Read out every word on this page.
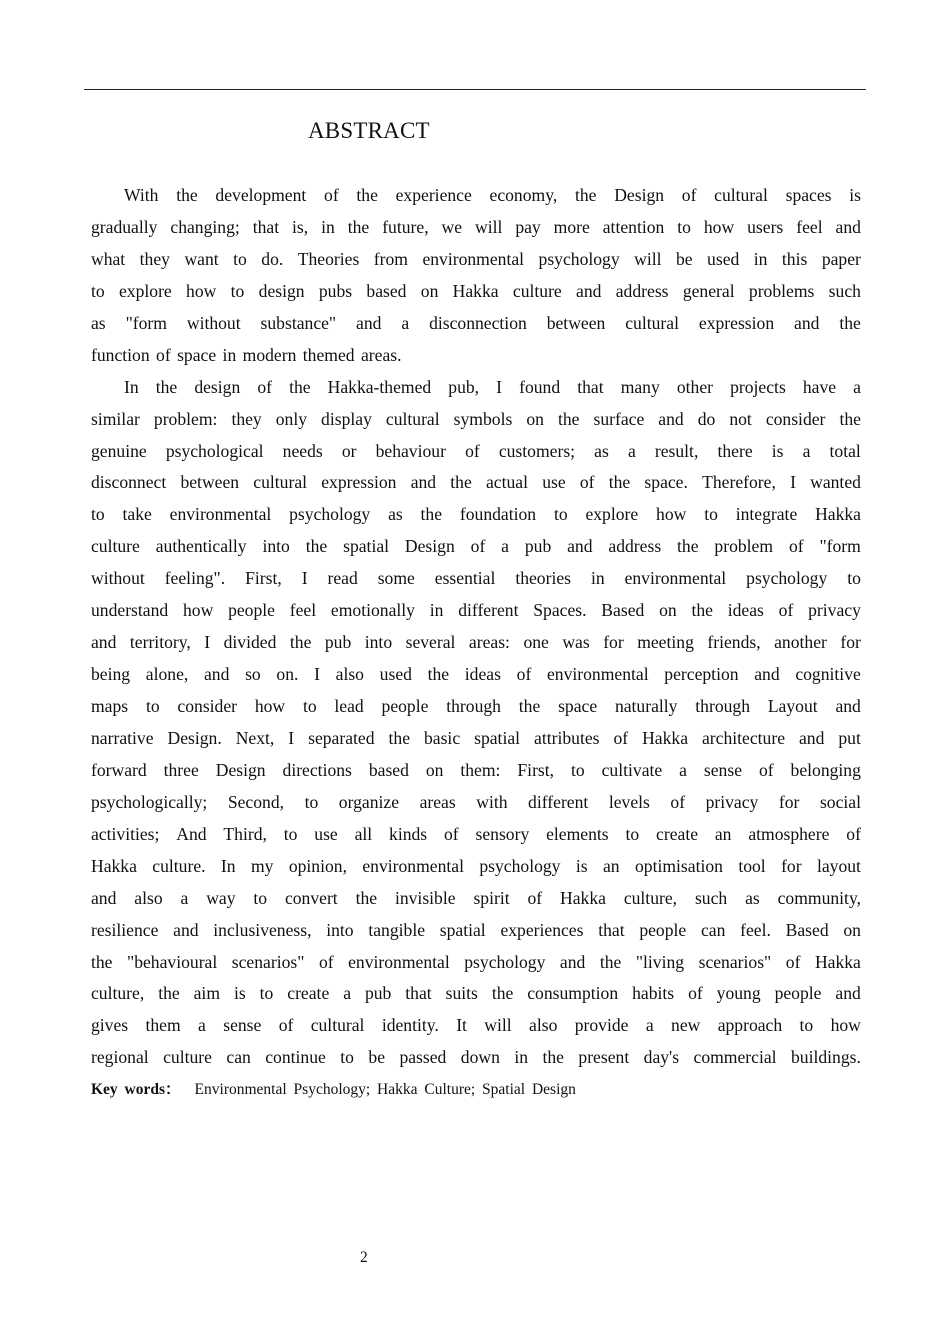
ABSTRACT
With the development of the experience economy, the Design of cultural spaces is
gradually changing; that is, in the future, we will pay more attention to how users feel and
what they want to do. Theories from environmental psychology will be used in this paper
to explore how to design pubs based on Hakka culture and address general problems such
as "form without substance" and a disconnection between cultural expression and the
function of space in modern themed areas.
In the design of the Hakka-themed pub, I found that many other projects have a
similar problem: they only display cultural symbols on the surface and do not consider the
genuine psychological needs or behaviour of customers; as a result, there is a total
disconnect between cultural expression and the actual use of the space. Therefore, I wanted
to take environmental psychology as the foundation to explore how to integrate Hakka
culture authentically into the spatial Design of a pub and address the problem of "form
without feeling". First, I read some essential theories in environmental psychology to
understand how people feel emotionally in different Spaces. Based on the ideas of privacy
and territory, I divided the pub into several areas: one was for meeting friends, another for
being alone, and so on. I also used the ideas of environmental perception and cognitive
maps to consider how to lead people through the space naturally through Layout and
narrative Design. Next, I separated the basic spatial attributes of Hakka architecture and put
forward three Design directions based on them: First, to cultivate a sense of belonging
psychologically; Second, to organize areas with different levels of privacy for social
activities; And Third, to use all kinds of sensory elements to create an atmosphere of
Hakka culture. In my opinion, environmental psychology is an optimisation tool for layout
and also a way to convert the invisible spirit of Hakka culture, such as community,
resilience and inclusiveness, into tangible spatial experiences that people can feel. Based on
the "behavioural scenarios" of environmental psychology and the "living scenarios" of Hakka
culture, the aim is to create a pub that suits the consumption habits of young people and
gives them a sense of cultural identity. It will also provide a new approach to how
regional culture can continue to be passed down in the present day's commercial buildings.
Key words： Environmental Psychology; Hakka Culture; Spatial Design
2
